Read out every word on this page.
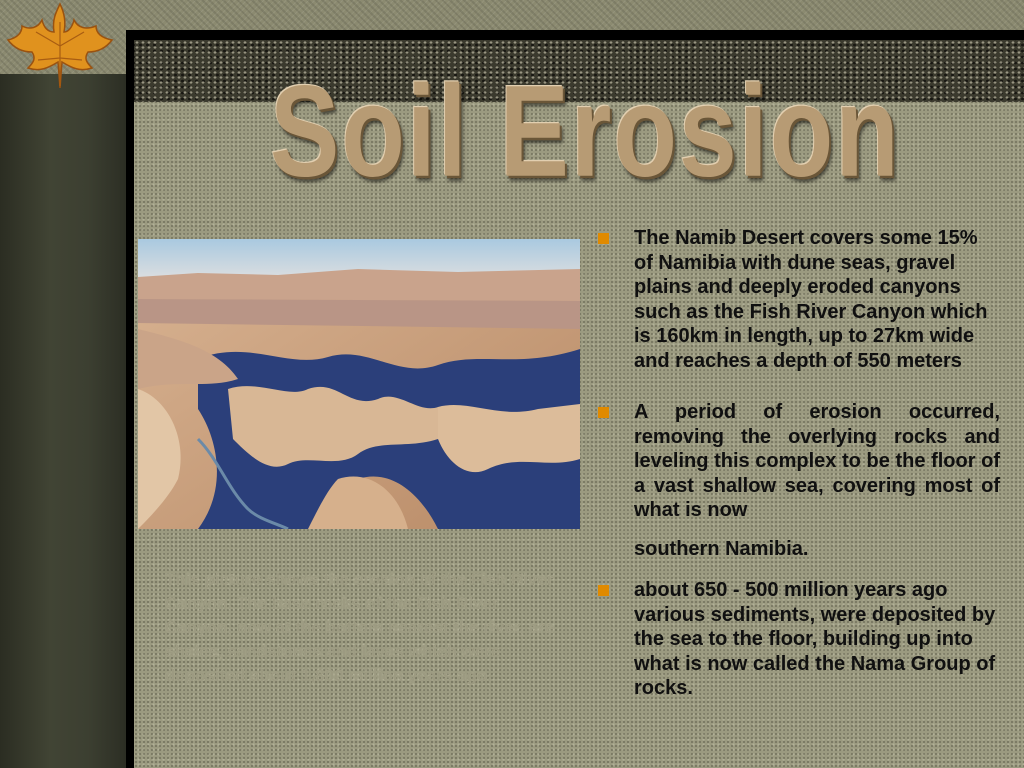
Soil Erosion
This picture shows the erosion of the Fish River Canyon. The base rocks of the Fish River Canyon, now at the bottom nearest the river, are shales, sandstones and lavas which were deposited about 1,800 million years ago.
The Namib Desert covers some 15% of Namibia with dune seas, gravel plains and deeply eroded canyons such as the Fish River Canyon which is 160km in length, up to 27km wide and reaches a depth of 550 meters
A period of erosion occurred, removing the overlying rocks and leveling this complex to be the floor of a vast shallow sea, covering most of what is now
southern Namibia.
about 650 - 500 million years ago various sediments, were deposited by the sea to the floor, building up into what is now called the Nama Group of rocks.
